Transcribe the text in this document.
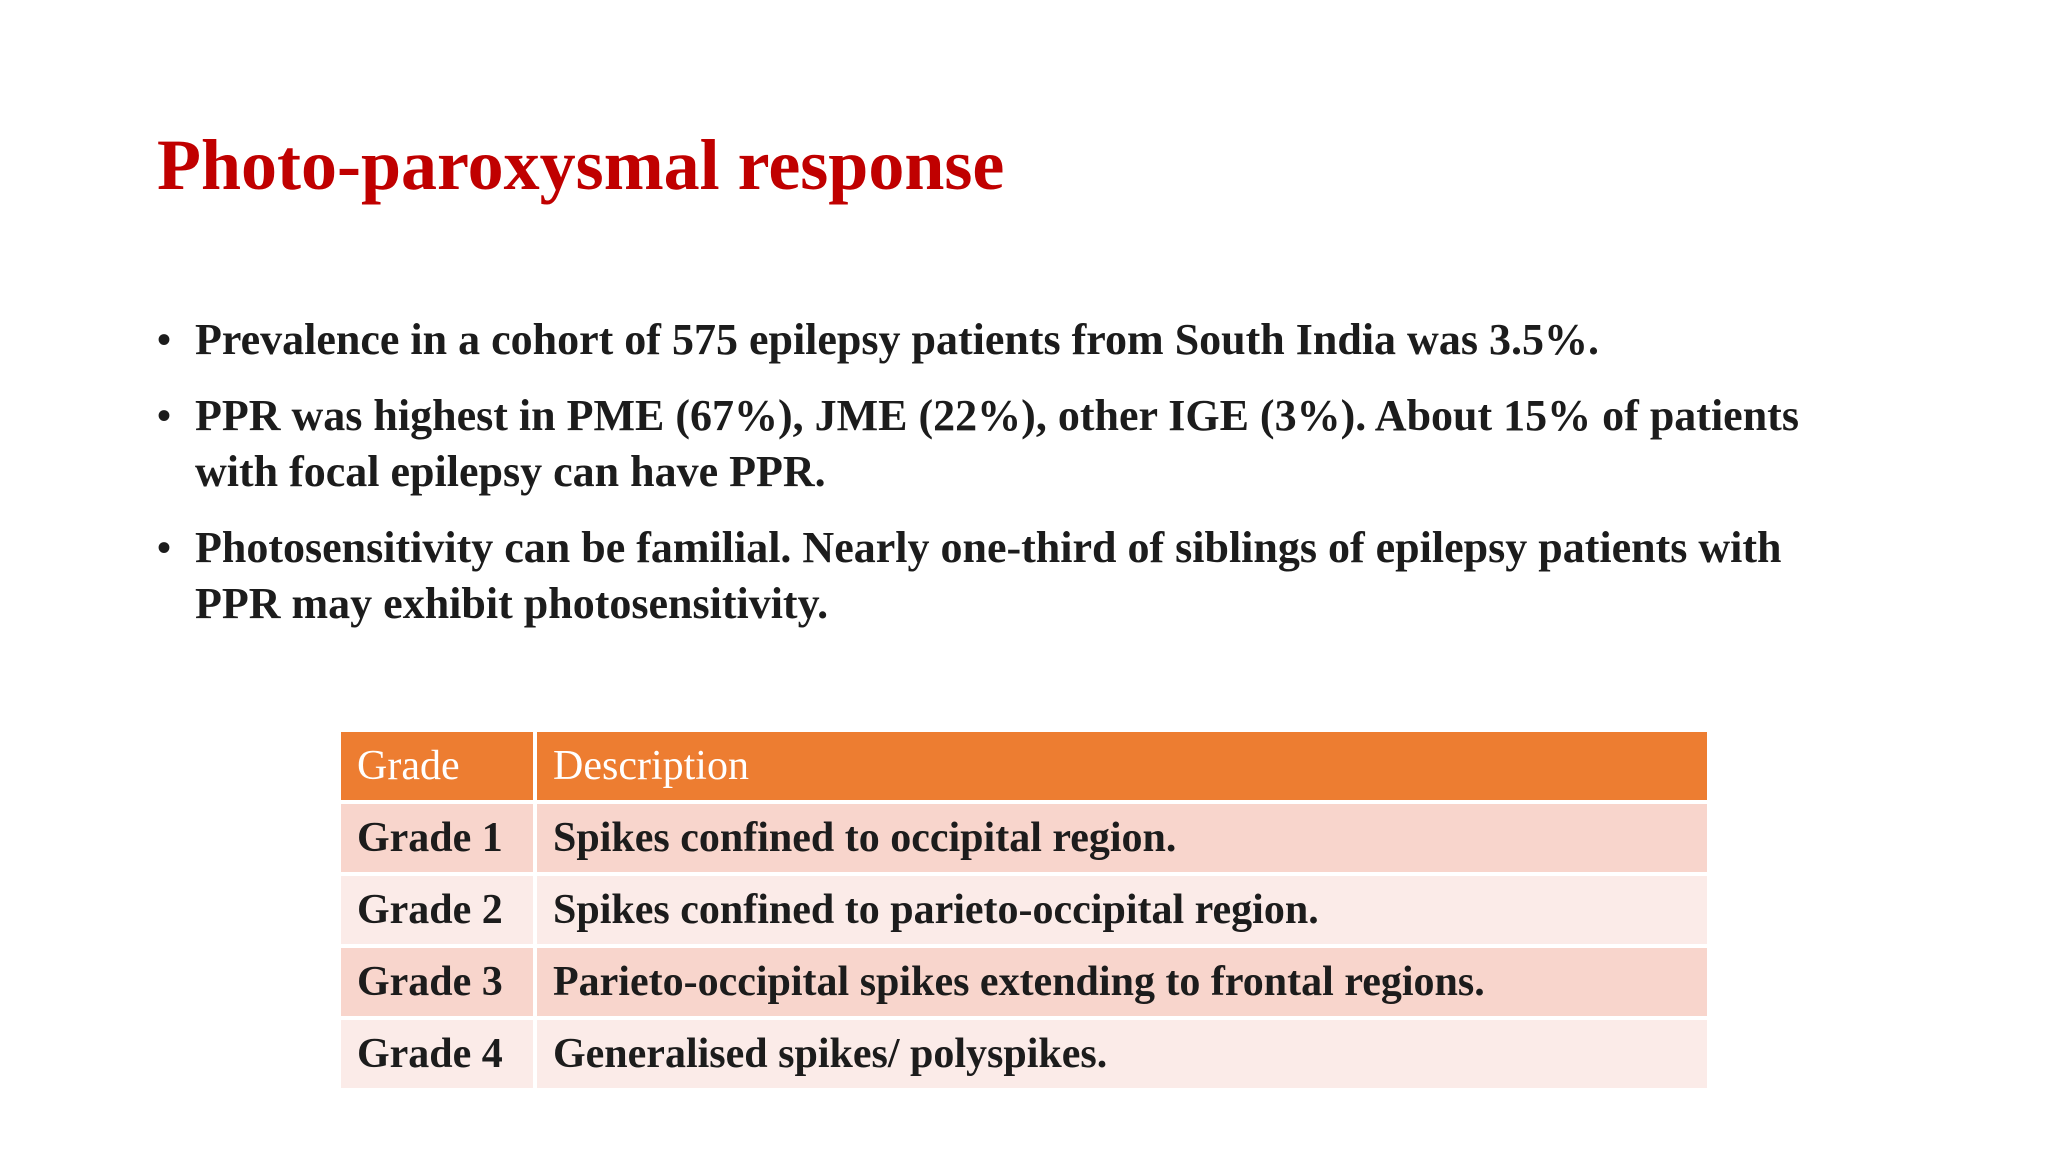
Photo-paroxysmal response
• Prevalence in a cohort of 575 epilepsy patients from South India was 3.5%.
• PPR was highest in PME (67%), JME (22%), other IGE (3%). About 15% of patients with focal epilepsy can have PPR.
• Photosensitivity can be familial. Nearly one-third of siblings of epilepsy patients with PPR may exhibit photosensitivity.
Grade	Description
Grade 1	Spikes confined to occipital region.
Grade 2	Spikes confined to parieto-occipital region.
Grade 3	Parieto-occipital spikes extending to frontal regions.
Grade 4	Generalised spikes/ polyspikes.
